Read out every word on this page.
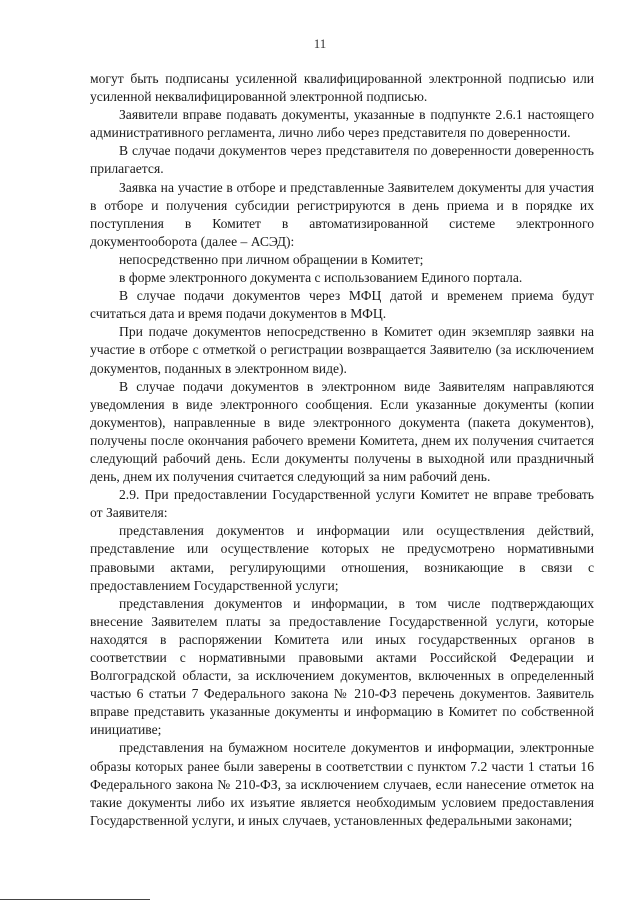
11

могут быть подписаны усиленной квалифицированной электронной подписью или усиленной неквалифицированной электронной подписью.

Заявители вправе подавать документы, указанные в подпункте 2.6.1 настоящего административного регламента, лично либо через представителя по доверенности.

В случае подачи документов через представителя по доверенности доверенность прилагается.

Заявка на участие в отборе и представленные Заявителем документы для участия в отборе и получения субсидии регистрируются в день приема и в порядке их поступления в Комитет в автоматизированной системе электронного документооборота (далее – АСЭД):

непосредственно при личном обращении в Комитет;

в форме электронного документа с использованием Единого портала.

В случае подачи документов через МФЦ датой и временем приема будут считаться дата и время подачи документов в МФЦ.

При подаче документов непосредственно в Комитет один экземпляр заявки на участие в отборе с отметкой о регистрации возвращается Заявителю (за исключением документов, поданных в электронном виде).

В случае подачи документов в электронном виде Заявителям направляются уведомления в виде электронного сообщения. Если указанные документы (копии документов), направленные в виде электронного документа (пакета документов), получены после окончания рабочего времени Комитета, днем их получения считается следующий рабочий день. Если документы получены в выходной или праздничный день, днем их получения считается следующий за ним рабочий день.

2.9. При предоставлении Государственной услуги Комитет не вправе требовать от Заявителя:

представления документов и информации или осуществления действий, представление или осуществление которых не предусмотрено нормативными правовыми актами, регулирующими отношения, возникающие в связи с предоставлением Государственной услуги;

представления документов и информации, в том числе подтверждающих внесение Заявителем платы за предоставление Государственной услуги, которые находятся в распоряжении Комитета или иных государственных органов в соответствии с нормативными правовыми актами Российской Федерации и Волгоградской области, за исключением документов, включенных в определенный частью 6 статьи 7 Федерального закона № 210-ФЗ перечень документов. Заявитель вправе представить указанные документы и информацию в Комитет по собственной инициативе;

представления на бумажном носителе документов и информации, электронные образы которых ранее были заверены в соответствии с пунктом 7.2 части 1 статьи 16 Федерального закона № 210-ФЗ, за исключением случаев, если нанесение отметок на такие документы либо их изъятие является необходимым условием предоставления Государственной услуги, и иных случаев, установленных федеральными законами;
